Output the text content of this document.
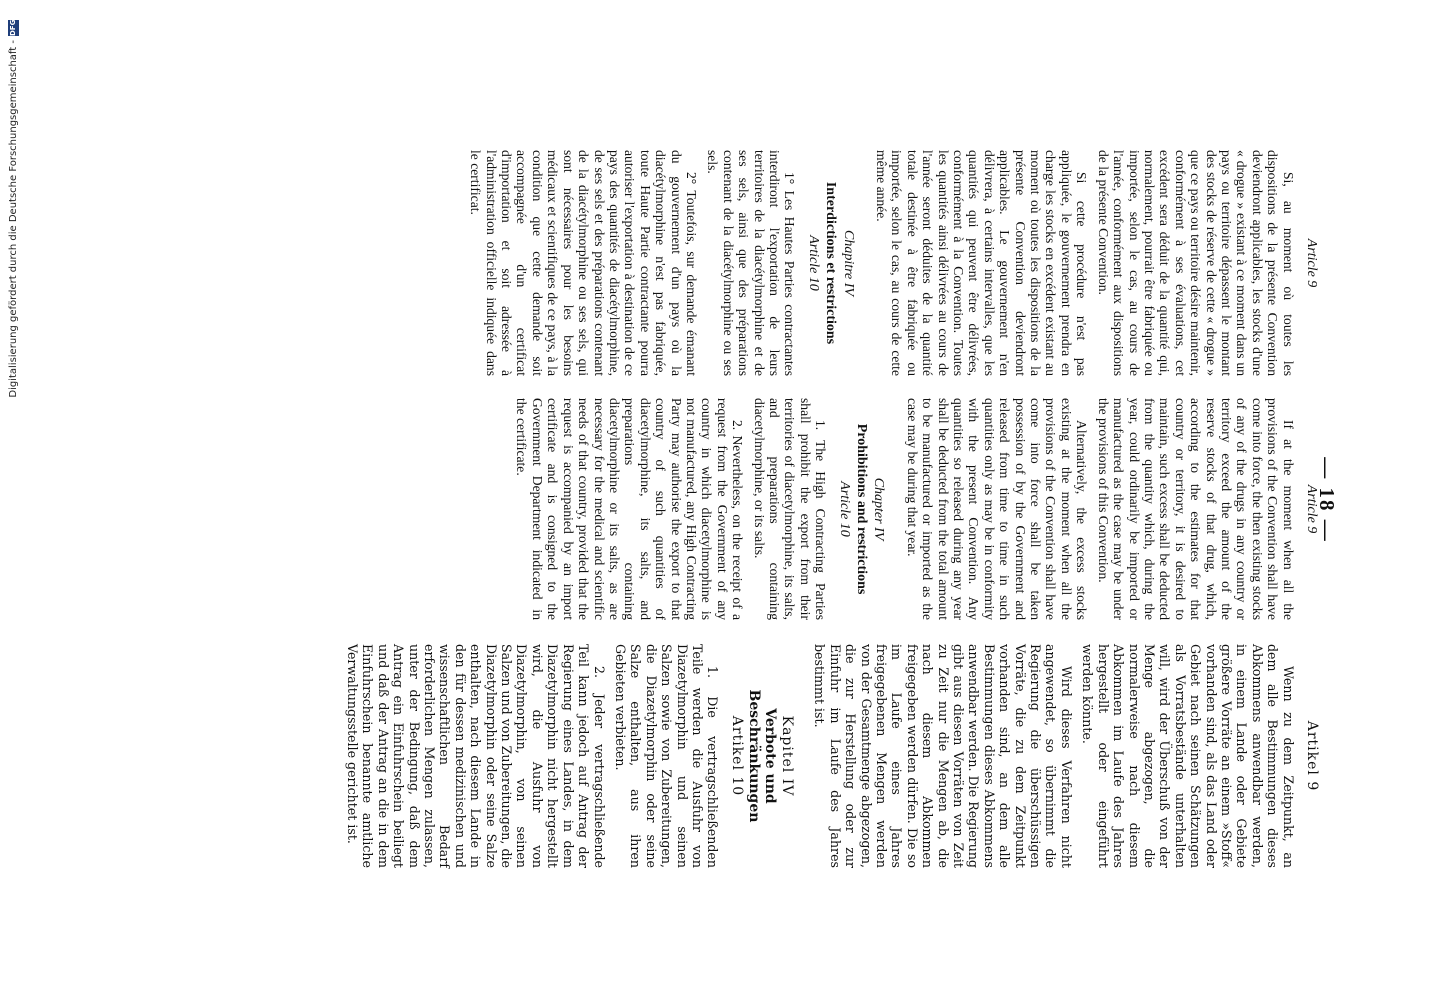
— 18 —
Article 9

Si, au moment où toutes les dispositions de la présente Convention deviendront applicables, les stocks d'une « drogue » existant à ce moment dans un pays ou territoire dépassent le montant des stocks de réserve de cette « drogue » que ce pays ou territoire désire maintenir, conformément à ses évaluations, cet excédent sera déduit de la quantité qui, normalement, pourrait être fabriquée ou importée, selon le cas, au cours de l'année, conformément aux dispositions de la présente Convention.

Si cette procédure n'est pas appliquée, le gouvernement prendra en charge les stocks en excédent existant au moment où toutes les dispositions de la présente Convention deviendront applicables. Le gouvernement n'en délivrera, à certains intervalles, que les quantités qui peuvent être délivrées, conformément à la Convention. Toutes les quantités ainsi délivrées au cours de l'année seront déduites de la quantité totale destinée à être fabriquée ou importée, selon le cas, au cours de cette même année.

Chapitre IV
Interdictions et restrictions
Article 10

1° Les Hautes Parties contractantes interdiront l'exportation de leurs territoires de la diacétylmorphine et de ses sels, ainsi que des préparations contenant de la diacétylmorphine ou ses sels.

2° Toutefois, sur demande émanant du gouvernement d'un pays où la diacétylmorphine n'est pas fabriquée, toute Haute Partie contractante pourra autoriser l'exportation à destination de ce pays des quantités de diacétylmorphine, de ses sels et des préparations contenant de la diacétylmorphine ou ses sels, qui sont nécessaires pour les besoins médicaux et scientifiques de ce pays, à la condition que cette demande soit accompagnée d'un certificat d'importation et soit adressée à l'administration officielle indiquée dans le certificat.

Article 9

If at the moment when all the provisions of the Convention shall have come into force, the then existing stocks of any of the drugs in any country or territory exceed the amount of the reserve stocks of that drug, which, according to the estimates for that country or territory, it is desired to maintain, such excess shall be deducted from the quantity which, during the year, could ordinarily be imported or manufactured as the case may be under the provisions of this Convention.

Alternatively, the excess stocks existing at the moment when all the provisions of the Convention shall have come into force shall be taken possession of by the Government and released from time to time in such quantities only as may be in conformity with the present Convention. Any quantities so released during any year shall be deducted from the total amount to be manufactured or imported as the case may be during that year.

Chapter IV
Prohibitions and restrictions
Article 10

1. The High Contracting Parties shall prohibit the export from their territories of diacetylmorphine, its salts, and preparations containing diacetylmorphine, or its salts.

2. Nevertheless, on the receipt of a request from the Government of any country in which diacetylmorphine is not manufactured, any High Contracting Party may authorise the export to that country of such quantities of diacetylmorphine, its salts, and preparations containing diacetylmorphine or its salts, as are necessary for the medical and scientific needs of that country, provided that the request is accompanied by an import certificate and is consigned to the Government Department indicated in the certificate.

Artikel 9

Wenn zu dem Zeitpunkt, an dem alle Bestimmungen dieses Abkommens anwendbar werden, in einem Lande oder Gebiete größere Vorräte an einem »Stoff« vorhanden sind, als das Land oder Gebiet nach seinen Schätzungen als Vorratsbestände unterhalten will, wird der Überschuß von der Menge abgezogen, die normalerweise nach diesem Abkommen im Laufe des Jahres hergestellt oder eingeführt werden könnte.

Wird dieses Verfahren nicht angewendet, so übernimmt die Regierung die überschüssigen Vorräte, die zu dem Zeitpunkt vorhanden sind, an dem alle Bestimmungen dieses Abkommens anwendbar werden. Die Regierung gibt aus diesen Vorräten von Zeit zu Zeit nur die Mengen ab, die nach diesem Abkommen freigegeben werden dürfen. Die so im Laufe eines Jahres freigegebenen Mengen werden von der Gesamtmenge abgezogen, die zur Herstellung oder zur Einfuhr im Laufe des Jahres bestimmt ist.

Kapitel IV
Verbote und Beschränkungen
Artikel 10

1. Die vertragschließenden Teile werden die Ausfuhr von Diazetylmorphin und seinen Salzen sowie von Zubereitungen, die Diazetylmorphin oder seine Salze enthalten, aus ihren Gebieten verbieten.

2. Jeder vertragschließende Teil kann jedoch auf Antrag der Regierung eines Landes, in dem Diazetylmorphin nicht hergestellt wird, die Ausfuhr von Diazetylmorphin, von seinen Salzen und von Zubereitungen, die Diazetylmorphin oder seine Salze enthalten, nach diesem Lande in den für dessen medizinischen und wissenschaftlichen Bedarf erforderlichen Mengen zulassen, unter der Bedingung, daß dem Antrag ein Einfuhrschein beiliegt und daß der Antrag an die in dem Einfuhrschein benannte amtliche Verwaltungsstelle gerichtet ist.

DFG
Digitalisierung gefördert durch die Deutsche Forschungsgemeinschaft -
